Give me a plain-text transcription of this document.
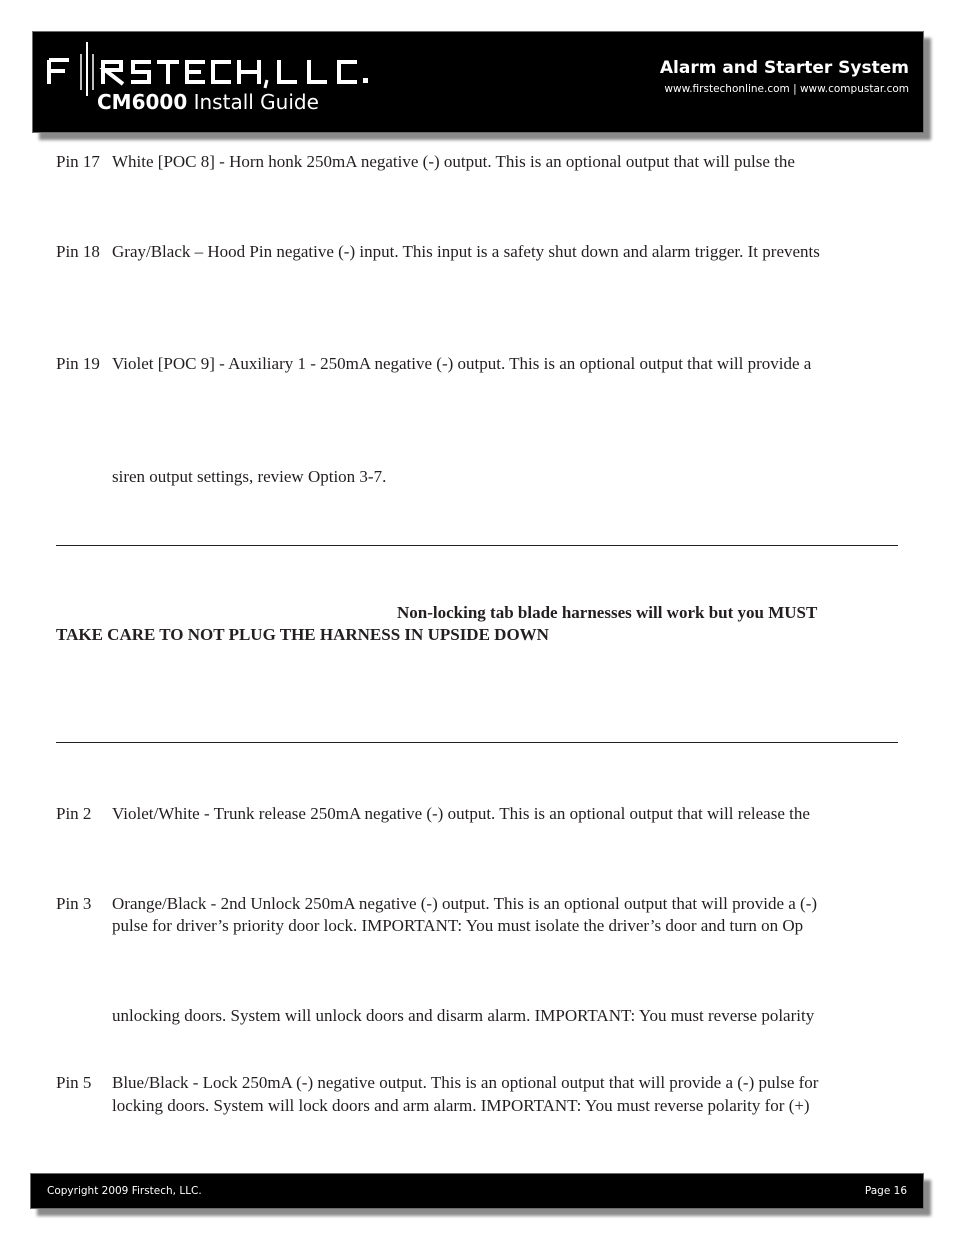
CM6000 Install Guide
Alarm and Starter System
www.firstechonline.com | www.compustar.com
Pin 17 White [POC 8] - Horn honk 250mA negative (-) output. This is an optional output that will pulse the
Pin 18 Gray/Black – Hood Pin negative (-) input. This input is a safety shut down and alarm trigger. It prevents
Pin 19 Violet [POC 9] - Auxiliary 1 - 250mA negative (-) output. This is an optional output that will provide a
siren output settings, review Option 3-7.
Non-locking tab blade harnesses will work but you MUST
TAKE CARE TO NOT PLUG THE HARNESS IN UPSIDE DOWN
Pin 2 Violet/White - Trunk release 250mA negative (-) output. This is an optional output that will release the
Pin 3 Orange/Black - 2nd Unlock 250mA negative (-) output. This is an optional output that will provide a (-)
pulse for driver’s priority door lock. IMPORTANT: You must isolate the driver’s door and turn on Op
unlocking doors. System will unlock doors and disarm alarm. IMPORTANT: You must reverse polarity
Pin 5 Blue/Black - Lock 250mA (-) negative output. This is an optional output that will provide a (-) pulse for
locking doors. System will lock doors and arm alarm. IMPORTANT: You must reverse polarity for (+)
Copyright 2009 Firstech, LLC.	Page 16
